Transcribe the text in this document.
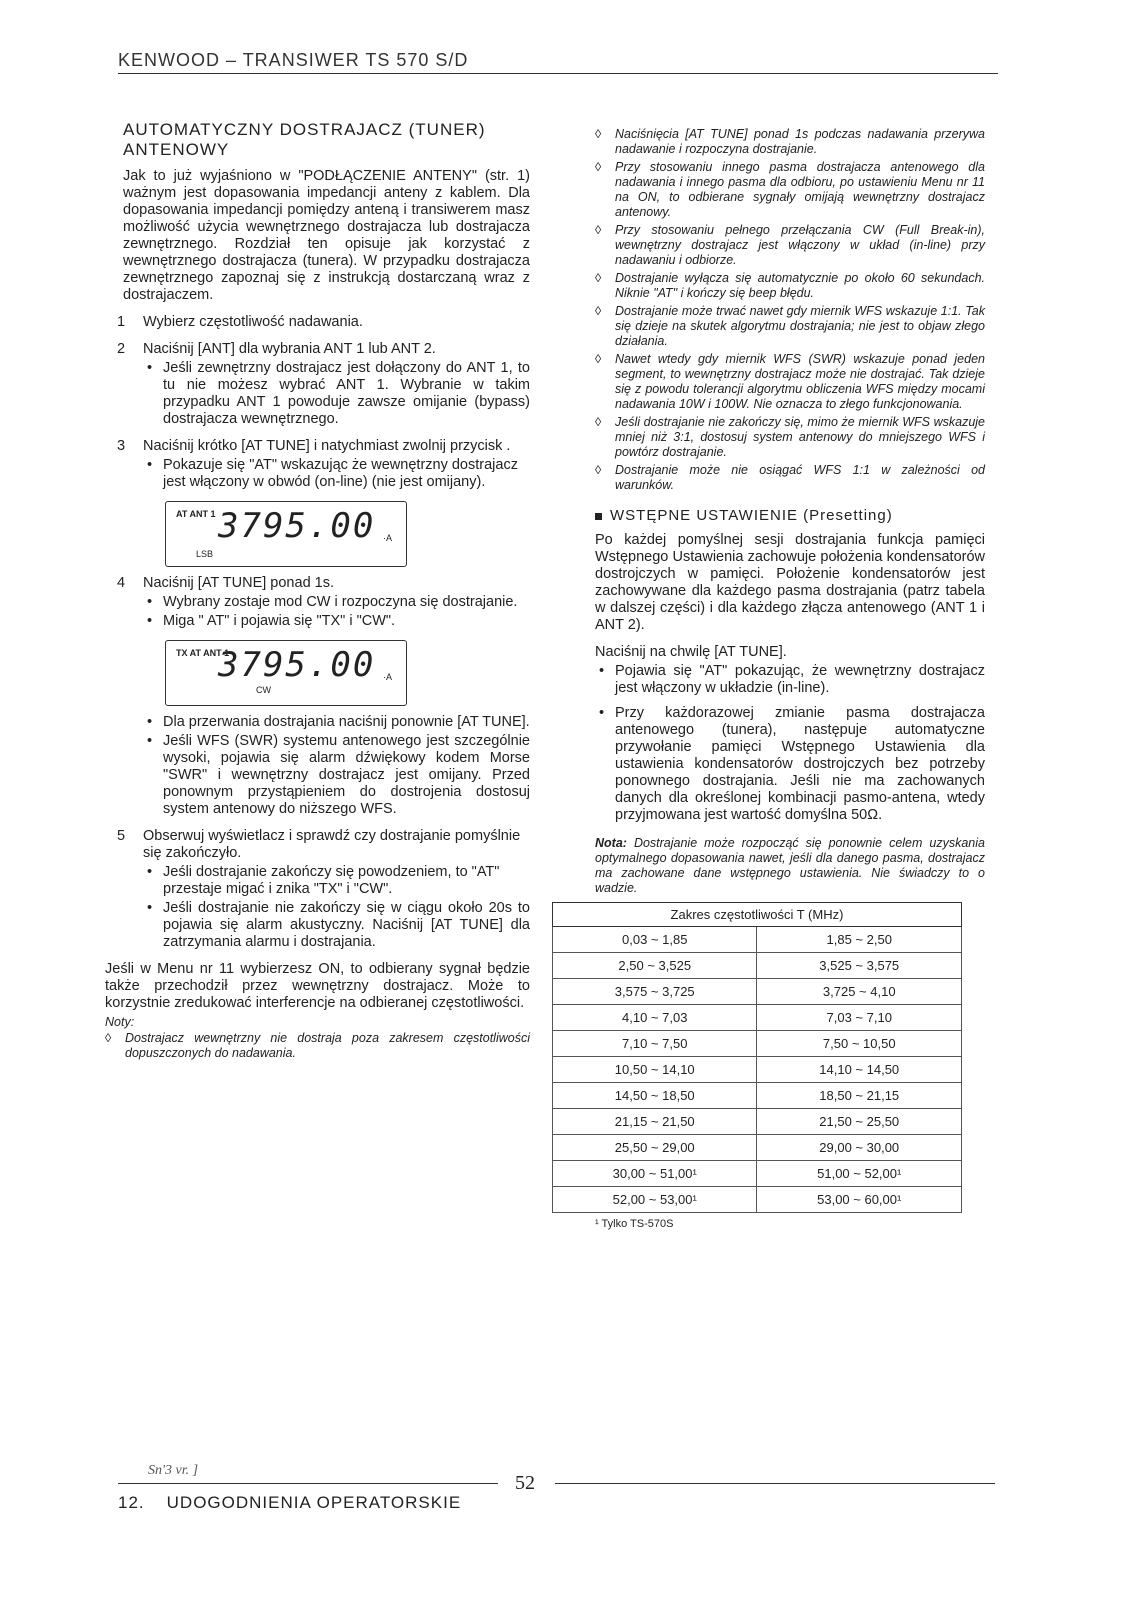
KENWOOD – TRANSIWER TS 570 S/D
AUTOMATYCZNY DOSTRAJACZ (TUNER) ANTENOWY

Jak to już wyjaśniono w "PODŁĄCZENIE ANTENY" (str. 1) ważnym jest dopasowania impedancji anteny z kablem. Dla dopasowania impedancji pomiędzy anteną i transiwerem masz możliwość użycia wewnętrznego dostrajacza lub dostrajacza zewnętrznego. Rozdział ten opisuje jak korzystać z wewnętrznego dostrajacza (tunera). W przypadku dostrajacza zewnętrznego zapoznaj się z instrukcją dostarczaną wraz z dostrajaczem.

1 Wybierz częstotliwość nadawania.
2 Naciśnij [ANT] dla wybrania ANT 1 lub ANT 2.
• Jeśli zewnętrzny dostrajacz jest dołączony do ANT 1, to tu nie możesz wybrać ANT 1. Wybranie w takim przypadku ANT 1 powoduje zawsze omijanie (bypass) dostrajacza wewnętrznego.
3 Naciśnij krótko [AT TUNE] i natychmiast zwolnij przycisk .
• Pokazuje się "AT" wskazując że wewnętrzny dostrajacz jest włączony w obwód (on-line) (nie jest omijany).
AT ANT 1 3795.00 ·A
LSB
4 Naciśnij [AT TUNE] ponad 1s.
• Wybrany zostaje mod CW i rozpoczyna się dostrajanie.
• Miga " AT" i pojawia się "TX" i "CW".
TX AT ANT 1
3795.00 ·A
CW
• Dla przerwania dostrajania naciśnij ponownie [AT TUNE].
• Jeśli WFS (SWR) systemu antenowego jest szczególnie wysoki, pojawia się alarm dźwiękowy kodem Morse "SWR" i wewnętrzny dostrajacz jest omijany. Przed ponownym przystąpieniem do dostrojenia dostosuj system antenowy do niższego WFS.
5 Obserwuj wyświetlacz i sprawdź czy dostrajanie pomyślnie się zakończyło.
• Jeśli dostrajanie zakończy się powodzeniem, to "AT" przestaje migać i znika "TX" i "CW".
• Jeśli dostrajanie nie zakończy się w ciągu około 20s to pojawia się alarm akustyczny. Naciśnij [AT TUNE] dla zatrzymania alarmu i dostrajania.

Jeśli w Menu nr 11 wybierzesz ON, to odbierany sygnał będzie także przechodził przez wewnętrzny dostrajacz. Może to korzystnie zredukować interferencje na odbieranej częstotliwości.

Noty:

◊ Dostrajacz wewnętrzny nie dostraja poza zakresem częstotliwości dopuszczonych do nadawania.
◊ Naciśnięcia [AT TUNE] ponad 1s podczas nadawania przerywa nadawanie i rozpoczyna dostrajanie.
◊ Przy stosowaniu innego pasma dostrajacza antenowego dla nadawania i innego pasma dla odbioru, po ustawieniu Menu nr 11 na ON, to odbierane sygnały omijają wewnętrzny dostrajacz antenowy.
◊ Przy stosowaniu pełnego przełączania CW (Full Break-in), wewnętrzny dostrajacz jest włączony w układ (in-line) przy nadawaniu i odbiorze.
◊ Dostrajanie wyłącza się automatycznie po około 60 sekundach. Niknie "AT" i kończy się beep błędu.
◊ Dostrajanie może trwać nawet gdy miernik WFS wskazuje 1:1. Tak się dzieje na skutek algorytmu dostrajania; nie jest to objaw złego działania.
◊ Nawet wtedy gdy miernik WFS (SWR) wskazuje ponad jeden segment, to wewnętrzny dostrajacz może nie dostrajać. Tak dzieje się z powodu tolerancji algorytmu obliczenia WFS między mocami nadawania 10W i 100W. Nie oznacza to złego funkcjonowania.
◊ Jeśli dostrajanie nie zakończy się, mimo że miernik WFS wskazuje mniej niż 3:1, dostosuj system antenowy do mniejszego WFS i powtórz dostrajanie.
◊ Dostrajanie może nie osiągać WFS 1:1 w zależności od warunków.
WSTĘPNE USTAWIENIE (Presetting)

Po każdej pomyślnej sesji dostrajania funkcja pamięci Wstępnego Ustawienia zachowuje położenia kondensatorów dostrojczych w pamięci. Położenie kondensatorów jest zachowywane dla każdego pasma dostrajania (patrz tabela w dalszej części) i dla każdego złącza antenowego (ANT 1 i ANT 2).

Naciśnij na chwilę [AT TUNE].

• Pojawia się "AT" pokazując, że wewnętrzny dostrajacz jest włączony w układzie (in-line).
• Przy każdorazowej zmianie pasma dostrajacza antenowego (tunera), następuje automatyczne przywołanie pamięci Wstępnego Ustawienia dla ustawienia kondensatorów dostrojczych bez potrzeby ponownego dostrajania. Jeśli nie ma zachowanych danych dla określonej kombinacji pasmo-antena, wtedy przyjmowana jest wartość domyślna 50Ω.

Nota: Dostrajanie może rozpocząć się ponownie celem uzyskania optymalnego dopasowania nawet, jeśli dla danego pasma, dostrajacz ma zachowane dane wstępnego ustawienia. Nie świadczy to o wadzie.

Zakres częstotliwości T (MHz)	
0,03 ~ 1,85	1,85 ~ 2,50
2,50 ~ 3,525	3,525 ~ 3,575
3,575 ~ 3,725	3,725 ~ 4,10
4,10 ~ 7,03	7,03 ~ 7,10
7,10 ~ 7,50	7,50 ~ 10,50
10,50 ~ 14,10	14,10 ~ 14,50
14,50 ~ 18,50	18,50 ~ 21,15
21,15 ~ 21,50	21,50 ~ 25,50
25,50 ~ 29,00	29,00 ~ 30,00
30,00 ~ 51,00¹	51,00 ~ 52,00¹
52,00 ~ 53,00¹	53,00 ~ 60,00¹

¹ Tylko TS-570S

Sn'3 vr. ]
52
12. UDOGODNIENIA OPERATORSKIE
